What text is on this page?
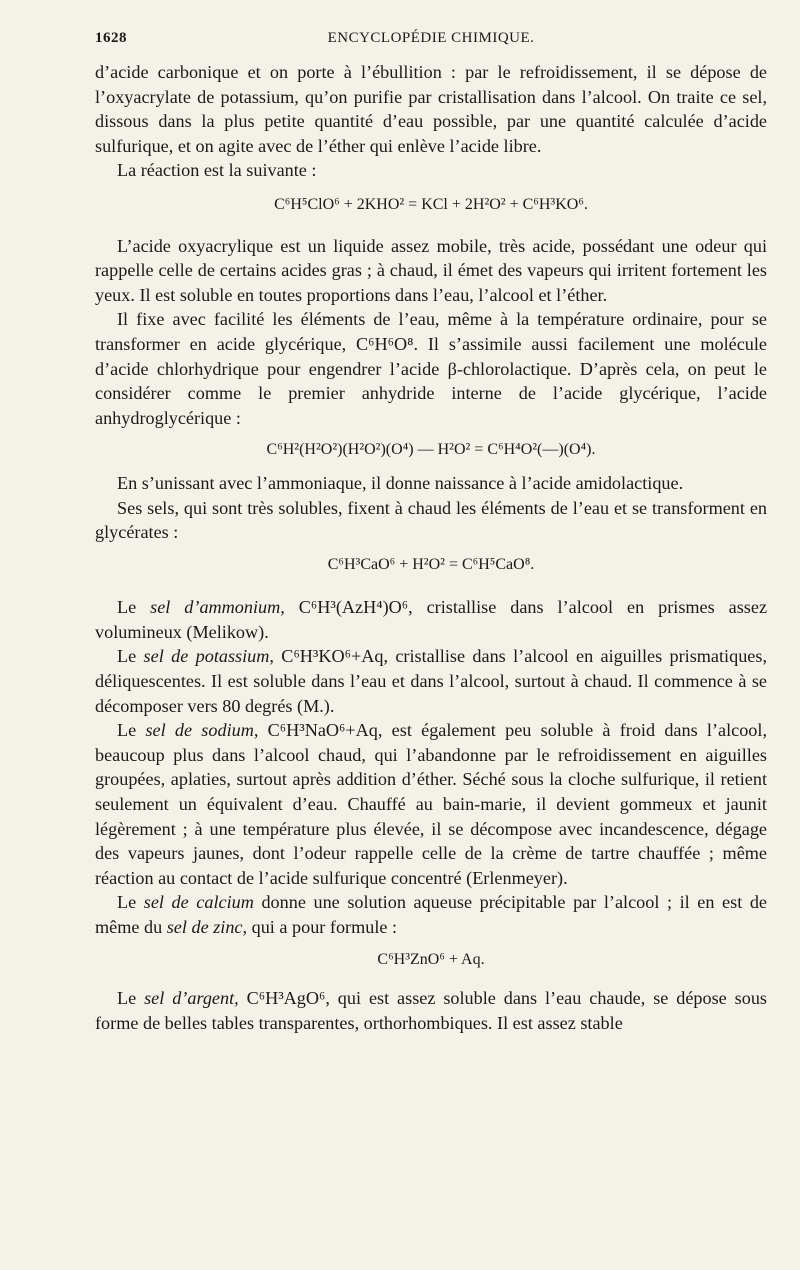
1628	ENCYCLOPÉDIE CHIMIQUE.

d’acide carbonique et on porte à l’ébullition : par le refroidissement, il se dépose de l’oxyacrylate de potassium, qu’on purifie par cristallisation dans l’alcool. On traite ce sel, dissous dans la plus petite quantité d’eau possible, par une quantité calculée d’acide sulfurique, et on agite avec de l’éther qui enlève l’acide libre.

La réaction est la suivante :

C⁶H⁵ClO⁶ + 2KHO² = KCl + 2H²O² + C⁶H³KO⁶.

L’acide oxyacrylique est un liquide assez mobile, très acide, possédant une odeur qui rappelle celle de certains acides gras ; à chaud, il émet des vapeurs qui irritent fortement les yeux. Il est soluble en toutes proportions dans l’eau, l’alcool et l’éther.

Il fixe avec facilité les éléments de l’eau, même à la température ordinaire, pour se transformer en acide glycérique, C⁶H⁶O⁸. Il s’assimile aussi facilement une molécule d’acide chlorhydrique pour engendrer l’acide β-chlorolactique. D’après cela, on peut le considérer comme le premier anhydride interne de l’acide glycérique, l’acide anhydroglycérique :

C⁶H²(H²O²)(H²O²)(O⁴) — H²O² = C⁶H⁴O²(—)(O⁴).

En s’unissant avec l’ammoniaque, il donne naissance à l’acide amidolactique.

Ses sels, qui sont très solubles, fixent à chaud les éléments de l’eau et se transforment en glycérates :

C⁶H³CaO⁶ + H²O² = C⁶H⁵CaO⁸.

Le sel d’ammonium, C⁶H³(AzH⁴)O⁶, cristallise dans l’alcool en prismes assez volumineux (Melikow).

Le sel de potassium, C⁶H³KO⁶+Aq, cristallise dans l’alcool en aiguilles prismatiques, déliquescentes. Il est soluble dans l’eau et dans l’alcool, surtout à chaud. Il commence à se décomposer vers 80 degrés (M.).

Le sel de sodium, C⁶H³NaO⁶+Aq, est également peu soluble à froid dans l’alcool, beaucoup plus dans l’alcool chaud, qui l’abandonne par le refroidissement en aiguilles groupées, aplaties, surtout après addition d’éther. Séché sous la cloche sulfurique, il retient seulement un équivalent d’eau. Chauffé au bain-marie, il devient gommeux et jaunit légèrement ; à une température plus élevée, il se décompose avec incandescence, dégage des vapeurs jaunes, dont l’odeur rappelle celle de la crème de tartre chauffée ; même réaction au contact de l’acide sulfurique concentré (Erlenmeyer).

Le sel de calcium donne une solution aqueuse précipitable par l’alcool ; il en est de même du sel de zinc, qui a pour formule :

C⁶H³ZnO⁶ + Aq.

Le sel d’argent, C⁶H³AgO⁶, qui est assez soluble dans l’eau chaude, se dépose sous forme de belles tables transparentes, orthorhombiques. Il est assez stable
